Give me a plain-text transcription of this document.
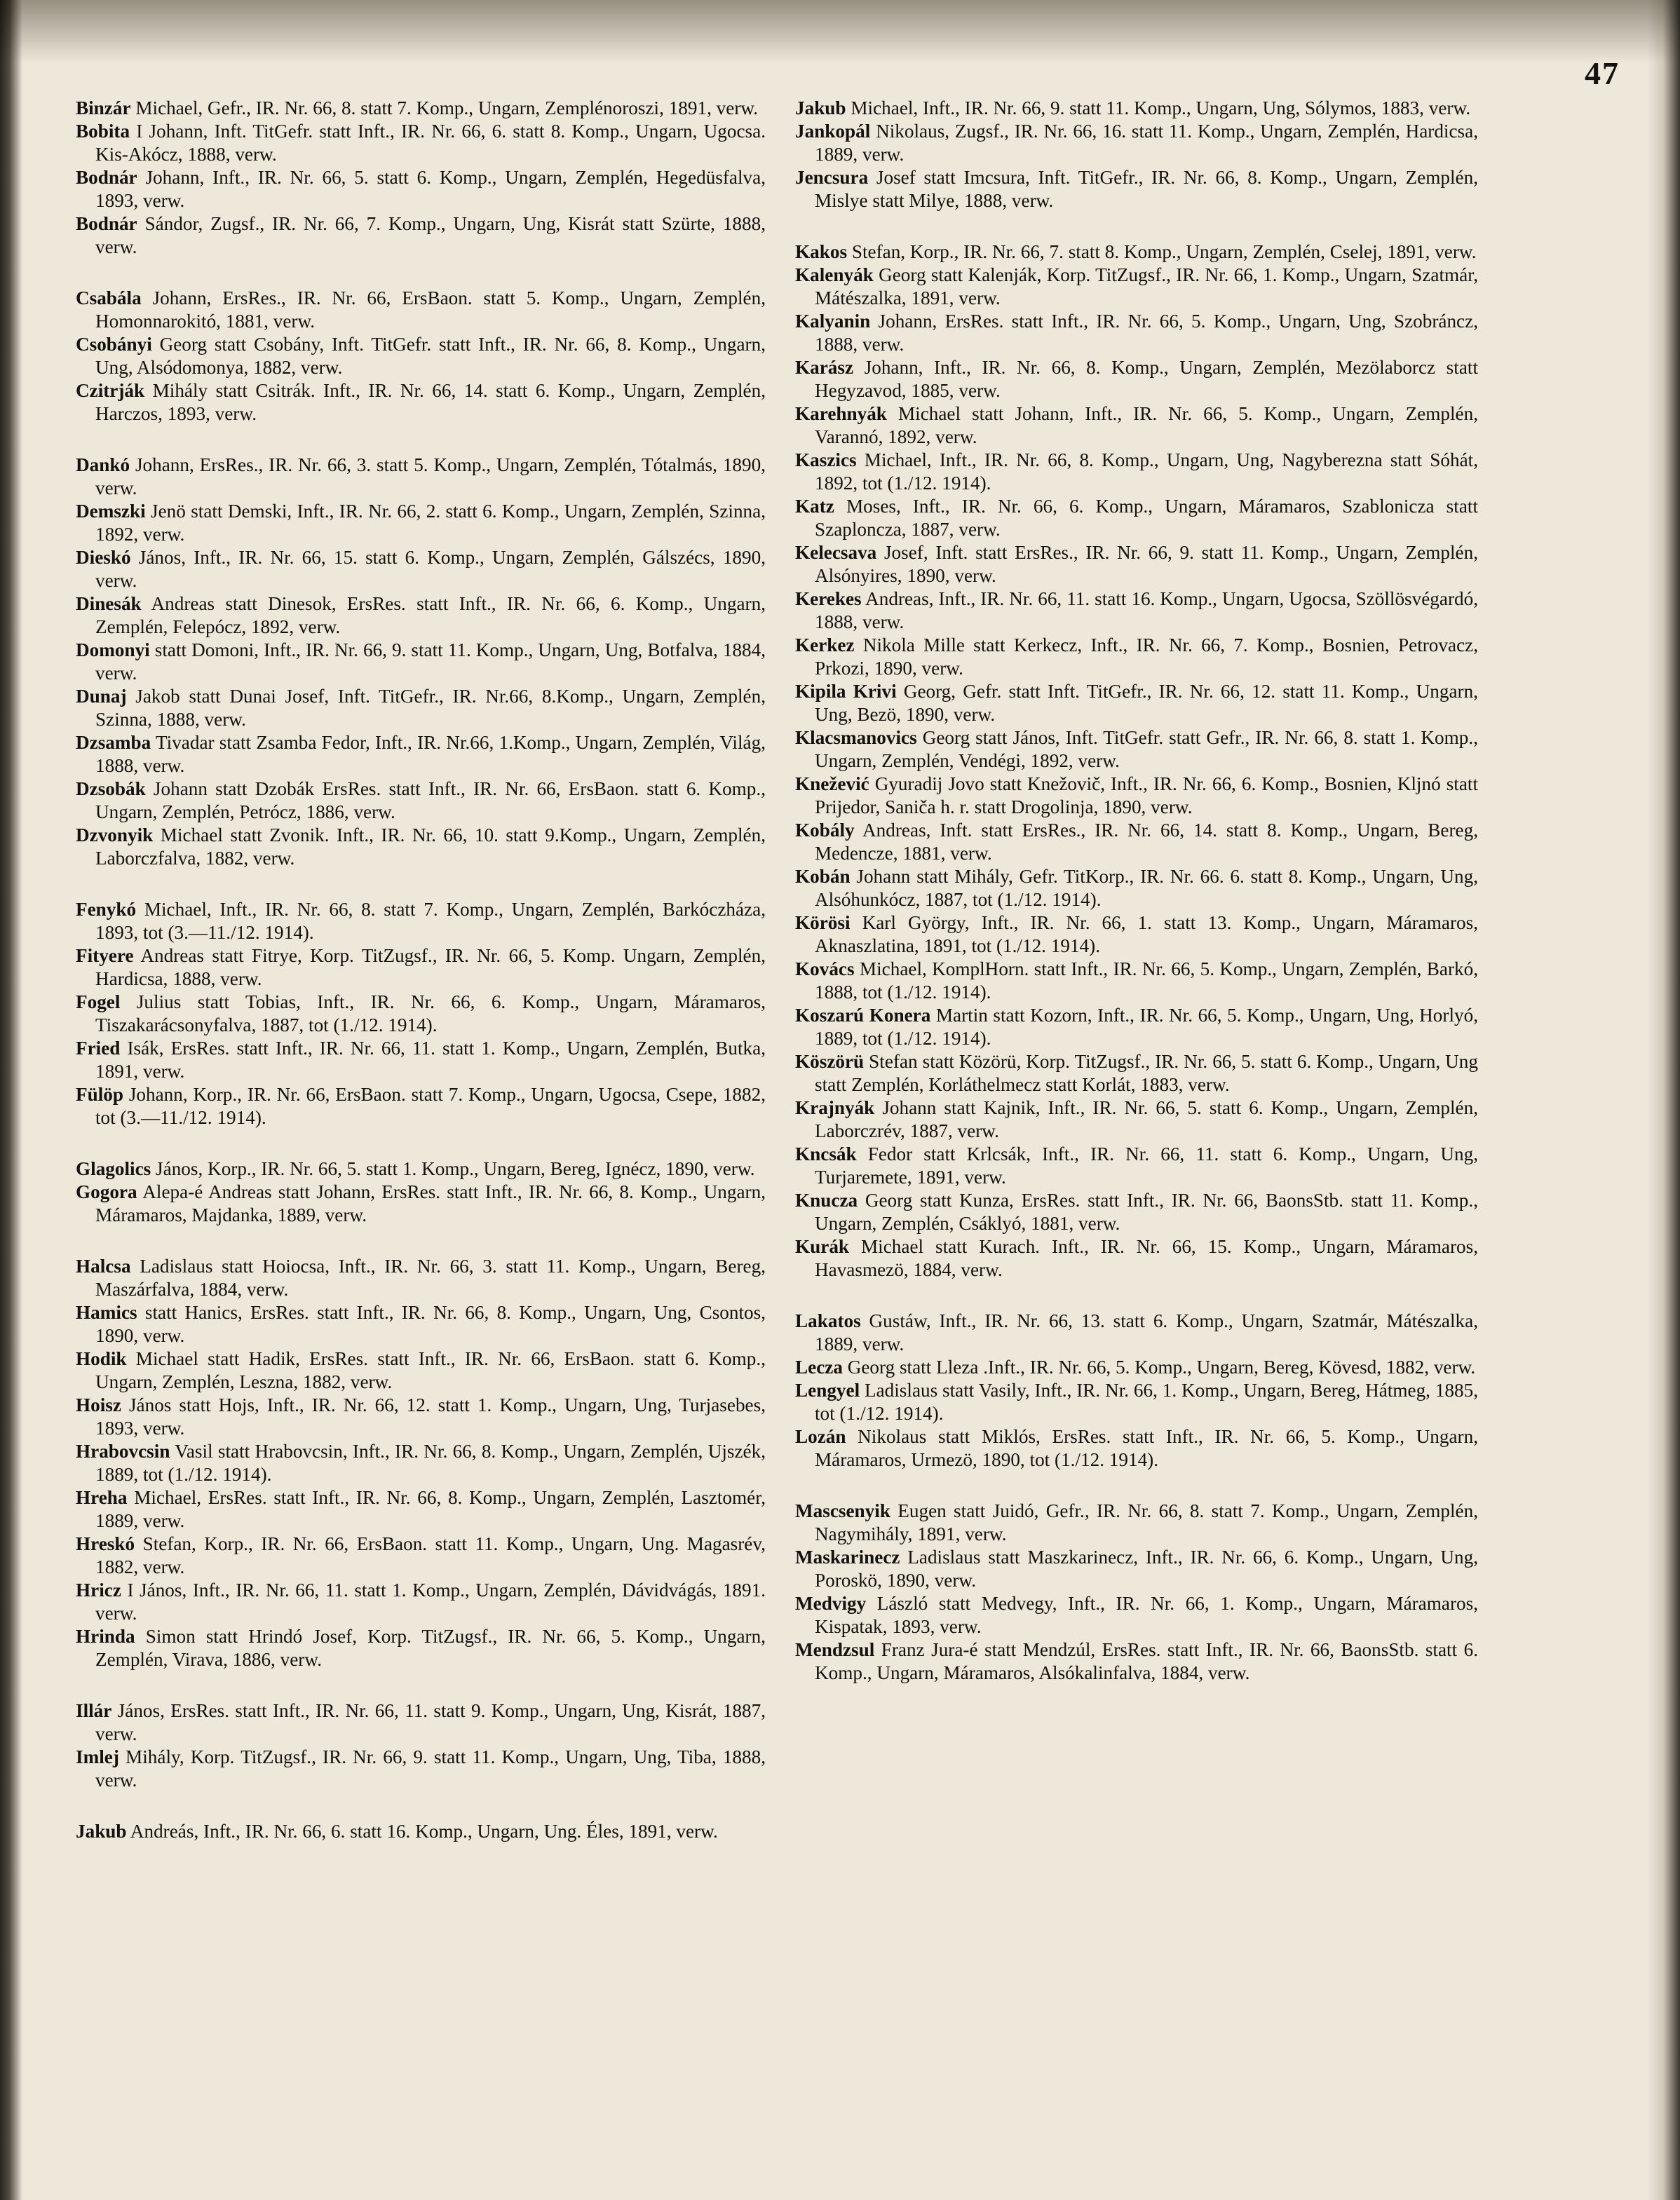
47

Binzár Michael, Gefr., IR. Nr. 66, 8. statt 7. Komp., Ungarn, Zemplénoroszi, 1891, verw.

Bobita I Johann, Inft. TitGefr. statt Inft., IR. Nr. 66, 6. statt 8. Komp., Ungarn, Ugocsa. Kis-Akócz, 1888, verw.

Bodnár Johann, Inft., IR. Nr. 66, 5. statt 6. Komp., Ungarn, Zemplén, Hegedüsfalva, 1893, verw.

Bodnár Sándor, Zugsf., IR. Nr. 66, 7. Komp., Ungarn, Ung, Kisrát statt Szürte, 1888, verw.

Csabála Johann, ErsRes., IR. Nr. 66, ErsBaon. statt 5. Komp., Ungarn, Zemplén, Homonnarokitó, 1881, verw.

Csobányi Georg statt Csobány, Inft. TitGefr. statt Inft., IR. Nr. 66, 8. Komp., Ungarn, Ung, Alsódomonya, 1882, verw.

Czitrják Mihály statt Csitrák. Inft., IR. Nr. 66, 14. statt 6. Komp., Ungarn, Zemplén, Harczos, 1893, verw.

Dankó Johann, ErsRes., IR. Nr. 66, 3. statt 5. Komp., Ungarn, Zemplén, Tótalmás, 1890, verw.

Demszki Jenö statt Demski, Inft., IR. Nr. 66, 2. statt 6. Komp., Ungarn, Zemplén, Szinna, 1892, verw.

Dieskó János, Inft., IR. Nr. 66, 15. statt 6. Komp., Ungarn, Zemplén, Gálszécs, 1890, verw.

Dinesák Andreas statt Dinesok, ErsRes. statt Inft., IR. Nr. 66, 6. Komp., Ungarn, Zemplén, Felepócz, 1892, verw.

Domonyi statt Domoni, Inft., IR. Nr. 66, 9. statt 11. Komp., Ungarn, Ung, Botfalva, 1884, verw.

Dunaj Jakob statt Dunai Josef, Inft. TitGefr., IR. Nr.66, 8.Komp., Ungarn, Zemplén, Szinna, 1888, verw.

Dzsamba Tivadar statt Zsamba Fedor, Inft., IR. Nr.66, 1.Komp., Ungarn, Zemplén, Világ, 1888, verw.

Dzsobák Johann statt Dzobák ErsRes. statt Inft., IR. Nr. 66, ErsBaon. statt 6. Komp., Ungarn, Zemplén, Petrócz, 1886, verw.

Dzvonyik Michael statt Zvonik. Inft., IR. Nr. 66, 10. statt 9.Komp., Ungarn, Zemplén, Laborczfalva, 1882, verw.

Fenykó Michael, Inft., IR. Nr. 66, 8. statt 7. Komp., Ungarn, Zemplén, Barkóczháza, 1893, tot (3.—11./12. 1914).

Fityere Andreas statt Fitrye, Korp. TitZugsf., IR. Nr. 66, 5. Komp. Ungarn, Zemplén, Hardicsa, 1888, verw.

Fogel Julius statt Tobias, Inft., IR. Nr. 66, 6. Komp., Ungarn, Máramaros, Tiszakarácsonyfalva, 1887, tot (1./12. 1914).

Fried Isák, ErsRes. statt Inft., IR. Nr. 66, 11. statt 1. Komp., Ungarn, Zemplén, Butka, 1891, verw.

Fülöp Johann, Korp., IR. Nr. 66, ErsBaon. statt 7. Komp., Ungarn, Ugocsa, Csepe, 1882, tot (3.—11./12. 1914).

Glagolics János, Korp., IR. Nr. 66, 5. statt 1. Komp., Ungarn, Bereg, Ignécz, 1890, verw.

Gogora Alepa-é Andreas statt Johann, ErsRes. statt Inft., IR. Nr. 66, 8. Komp., Ungarn, Máramaros, Majdanka, 1889, verw.

Halcsa Ladislaus statt Hoiocsa, Inft., IR. Nr. 66, 3. statt 11. Komp., Ungarn, Bereg, Maszárfalva, 1884, verw.

Hamics statt Hanics, ErsRes. statt Inft., IR. Nr. 66, 8. Komp., Ungarn, Ung, Csontos, 1890, verw.

Hodik Michael statt Hadik, ErsRes. statt Inft., IR. Nr. 66, ErsBaon. statt 6. Komp., Ungarn, Zemplén, Leszna, 1882, verw.

Hoisz János statt Hojs, Inft., IR. Nr. 66, 12. statt 1. Komp., Ungarn, Ung, Turjasebes, 1893, verw.

Hrabovcsin Vasil statt Hrabovcsin, Inft., IR. Nr. 66, 8. Komp., Ungarn, Zemplén, Ujszék, 1889, tot (1./12. 1914).

Hreha Michael, ErsRes. statt Inft., IR. Nr. 66, 8. Komp., Ungarn, Zemplén, Lasztomér, 1889, verw.

Hreskó Stefan, Korp., IR. Nr. 66, ErsBaon. statt 11. Komp., Ungarn, Ung. Magasrév, 1882, verw.

Hricz I János, Inft., IR. Nr. 66, 11. statt 1. Komp., Ungarn, Zemplén, Dávidvágás, 1891. verw.

Hrinda Simon statt Hrindó Josef, Korp. TitZugsf., IR. Nr. 66, 5. Komp., Ungarn, Zemplén, Virava, 1886, verw.

Illár János, ErsRes. statt Inft., IR. Nr. 66, 11. statt 9. Komp., Ungarn, Ung, Kisrát, 1887, verw.

Imlej Mihály, Korp. TitZugsf., IR. Nr. 66, 9. statt 11. Komp., Ungarn, Ung, Tiba, 1888, verw.

Jakub Andreás, Inft., IR. Nr. 66, 6. statt 16. Komp., Ungarn, Ung. Éles, 1891, verw.

Jakub Michael, Inft., IR. Nr. 66, 9. statt 11. Komp., Ungarn, Ung, Sólymos, 1883, verw.

Jankopál Nikolaus, Zugsf., IR. Nr. 66, 16. statt 11. Komp., Ungarn, Zemplén, Hardicsa, 1889, verw.

Jencsura Josef statt Imcsura, Inft. TitGefr., IR. Nr. 66, 8. Komp., Ungarn, Zemplén, Mislye statt Milye, 1888, verw.

Kakos Stefan, Korp., IR. Nr. 66, 7. statt 8. Komp., Ungarn, Zemplén, Cselej, 1891, verw.

Kalenyák Georg statt Kalenják, Korp. TitZugsf., IR. Nr. 66, 1. Komp., Ungarn, Szatmár, Mátészalka, 1891, verw.

Kalyanin Johann, ErsRes. statt Inft., IR. Nr. 66, 5. Komp., Ungarn, Ung, Szobráncz, 1888, verw.

Karász Johann, Inft., IR. Nr. 66, 8. Komp., Ungarn, Zemplén, Mezölaborcz statt Hegyzavod, 1885, verw.

Karehnyák Michael statt Johann, Inft., IR. Nr. 66, 5. Komp., Ungarn, Zemplén, Varannó, 1892, verw.

Kaszics Michael, Inft., IR. Nr. 66, 8. Komp., Ungarn, Ung, Nagyberezna statt Sóhát, 1892, tot (1./12. 1914).

Katz Moses, Inft., IR. Nr. 66, 6. Komp., Ungarn, Máramaros, Szablonicza statt Szaploncza, 1887, verw.

Kelecsava Josef, Inft. statt ErsRes., IR. Nr. 66, 9. statt 11. Komp., Ungarn, Zemplén, Alsónyires, 1890, verw.

Kerekes Andreas, Inft., IR. Nr. 66, 11. statt 16. Komp., Ungarn, Ugocsa, Szöllösvégardó, 1888, verw.

Kerkez Nikola Mille statt Kerkecz, Inft., IR. Nr. 66, 7. Komp., Bosnien, Petrovacz, Prkozi, 1890, verw.

Kipila Krivi Georg, Gefr. statt Inft. TitGefr., IR. Nr. 66, 12. statt 11. Komp., Ungarn, Ung, Bezö, 1890, verw.

Klacsmanovics Georg statt János, Inft. TitGefr. statt Gefr., IR. Nr. 66, 8. statt 1. Komp., Ungarn, Zemplén, Vendégi, 1892, verw.

Knežević Gyuradij Jovo statt Knežovič, Inft., IR. Nr. 66, 6. Komp., Bosnien, Kljnó statt Prijedor, Saniča h. r. statt Drogolinja, 1890, verw.

Kobály Andreas, Inft. statt ErsRes., IR. Nr. 66, 14. statt 8. Komp., Ungarn, Bereg, Medencze, 1881, verw.

Kobán Johann statt Mihály, Gefr. TitKorp., IR. Nr. 66. 6. statt 8. Komp., Ungarn, Ung, Alsóhunkócz, 1887, tot (1./12. 1914).

Körösi Karl György, Inft., IR. Nr. 66, 1. statt 13. Komp., Ungarn, Máramaros, Aknaszlatina, 1891, tot (1./12. 1914).

Kovács Michael, KomplHorn. statt Inft., IR. Nr. 66, 5. Komp., Ungarn, Zemplén, Barkó, 1888, tot (1./12. 1914).

Koszarú Konera Martin statt Kozorn, Inft., IR. Nr. 66, 5. Komp., Ungarn, Ung, Horlyó, 1889, tot (1./12. 1914).

Köszörü Stefan statt Közörü, Korp. TitZugsf., IR. Nr. 66, 5. statt 6. Komp., Ungarn, Ung statt Zemplén, Korláthelmecz statt Korlát, 1883, verw.

Krajnyák Johann statt Kajnik, Inft., IR. Nr. 66, 5. statt 6. Komp., Ungarn, Zemplén, Laborczrév, 1887, verw.

Kncsák Fedor statt Krlcsák, Inft., IR. Nr. 66, 11. statt 6. Komp., Ungarn, Ung, Turjaremete, 1891, verw.

Knucza Georg statt Kunza, ErsRes. statt Inft., IR. Nr. 66, BaonsStb. statt 11. Komp., Ungarn, Zemplén, Csáklyó, 1881, verw.

Kurák Michael statt Kurach. Inft., IR. Nr. 66, 15. Komp., Ungarn, Máramaros, Havasmezö, 1884, verw.

Lakatos Gustáw, Inft., IR. Nr. 66, 13. statt 6. Komp., Ungarn, Szatmár, Mátészalka, 1889, verw.

Lecza Georg statt Lleza .Inft., IR. Nr. 66, 5. Komp., Ungarn, Bereg, Kövesd, 1882, verw.

Lengyel Ladislaus statt Vasily, Inft., IR. Nr. 66, 1. Komp., Ungarn, Bereg, Hátmeg, 1885, tot (1./12. 1914).

Lozán Nikolaus statt Miklós, ErsRes. statt Inft., IR. Nr. 66, 5. Komp., Ungarn, Máramaros, Urmezö, 1890, tot (1./12. 1914).

Mascsenyik Eugen statt Juidó, Gefr., IR. Nr. 66, 8. statt 7. Komp., Ungarn, Zemplén, Nagymihály, 1891, verw.

Maskarinecz Ladislaus statt Maszkarinecz, Inft., IR. Nr. 66, 6. Komp., Ungarn, Ung, Poroskö, 1890, verw.

Medvigy László statt Medvegy, Inft., IR. Nr. 66, 1. Komp., Ungarn, Máramaros, Kispatak, 1893, verw.

Mendzsul Franz Jura-é statt Mendzúl, ErsRes. statt Inft., IR. Nr. 66, BaonsStb. statt 6. Komp., Ungarn, Máramaros, Alsókalinfalva, 1884, verw.
